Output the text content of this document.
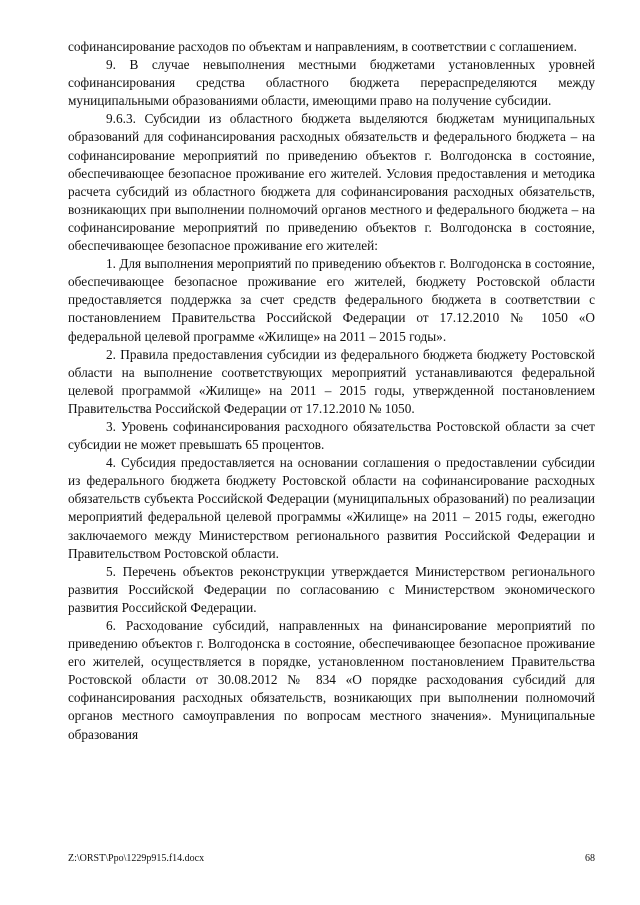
софинансирование расходов по объектам и направлениям, в соответствии с соглашением.

9. В случае невыполнения местными бюджетами установленных уровней софинансирования средства областного бюджета перераспределяются между муниципальными образованиями области, имеющими право на получение субсидии.

9.6.3. Субсидии из областного бюджета выделяются бюджетам муниципальных образований для софинансирования расходных обязательств и федерального бюджета – на софинансирование мероприятий по приведению объектов г. Волгодонска в состояние, обеспечивающее безопасное проживание его жителей. Условия предоставления и методика расчета субсидий из областного бюджета для софинансирования расходных обязательств, возникающих при выполнении полномочий органов местного и федерального бюджета – на софинансирование мероприятий по приведению объектов г. Волгодонска в состояние, обеспечивающее безопасное проживание его жителей:

1. Для выполнения мероприятий по приведению объектов г. Волгодонска в состояние, обеспечивающее безопасное проживание его жителей, бюджету Ростовской области предоставляется поддержка за счет средств федерального бюджета в соответствии с постановлением Правительства Российской Федерации от 17.12.2010 № 1050 «О федеральной целевой программе «Жилище» на 2011 – 2015 годы».

2. Правила предоставления субсидии из федерального бюджета бюджету Ростовской области на выполнение соответствующих мероприятий устанавливаются федеральной целевой программой «Жилище» на 2011 – 2015 годы, утвержденной постановлением Правительства Российской Федерации от 17.12.2010 № 1050.

3. Уровень софинансирования расходного обязательства Ростовской области за счет субсидии не может превышать 65 процентов.

4. Субсидия предоставляется на основании соглашения о предоставлении субсидии из федерального бюджета бюджету Ростовской области на софинансирование расходных обязательств субъекта Российской Федерации (муниципальных образований) по реализации мероприятий федеральной целевой программы «Жилище» на 2011 – 2015 годы, ежегодно заключаемого между Министерством регионального развития Российской Федерации и Правительством Ростовской области.

5. Перечень объектов реконструкции утверждается Министерством регионального развития Российской Федерации по согласованию с Министерством экономического развития Российской Федерации.

6. Расходование субсидий, направленных на финансирование мероприятий по приведению объектов г. Волгодонска в состояние, обеспечивающее безопасное проживание его жителей, осуществляется в порядке, установленном постановлением Правительства Ростовской области от 30.08.2012 № 834 «О порядке расходования субсидий для софинансирования расходных обязательств, возникающих при выполнении полномочий органов местного самоуправления по вопросам местного значения». Муниципальные образования

Z:\ORST\Ppo\1229p915.f14.docx	68
